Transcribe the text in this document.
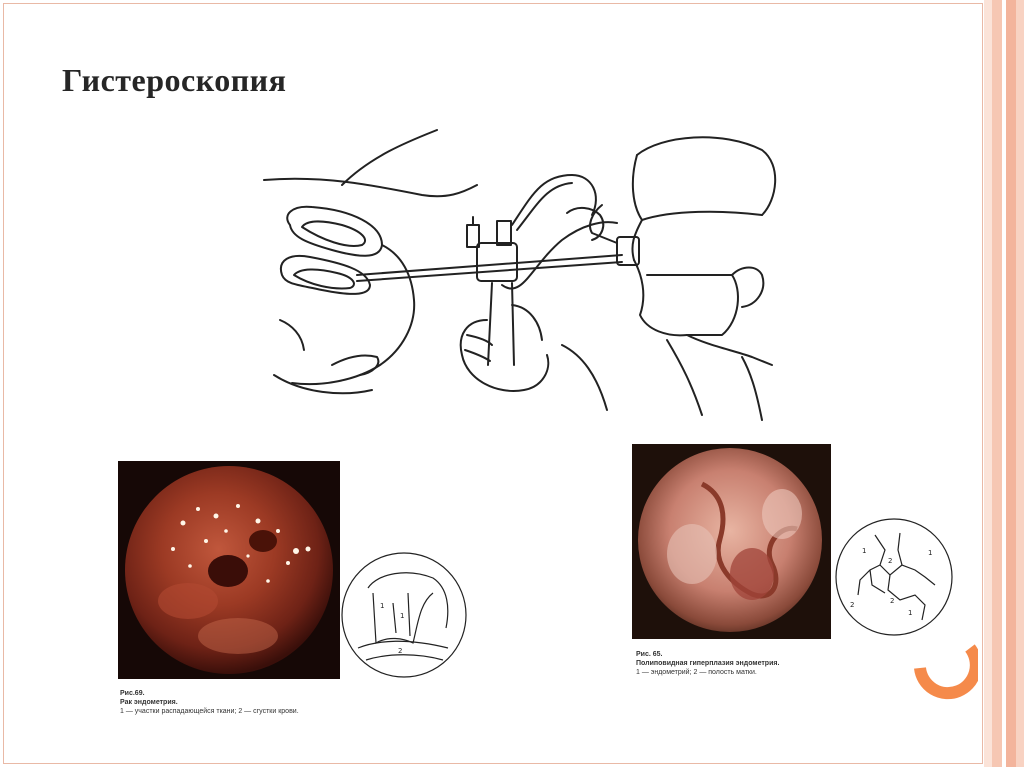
Гистероскопия
1
1
2
1	1
2
2	2
1
Рис.69.
Рак эндометрия.
1 — участки распадающейся ткани; 2 — сгустки крови.
Рис. 65.
Полиповидная гиперплазия эндометрия.
1 — эндометрий; 2 — полость матки.
